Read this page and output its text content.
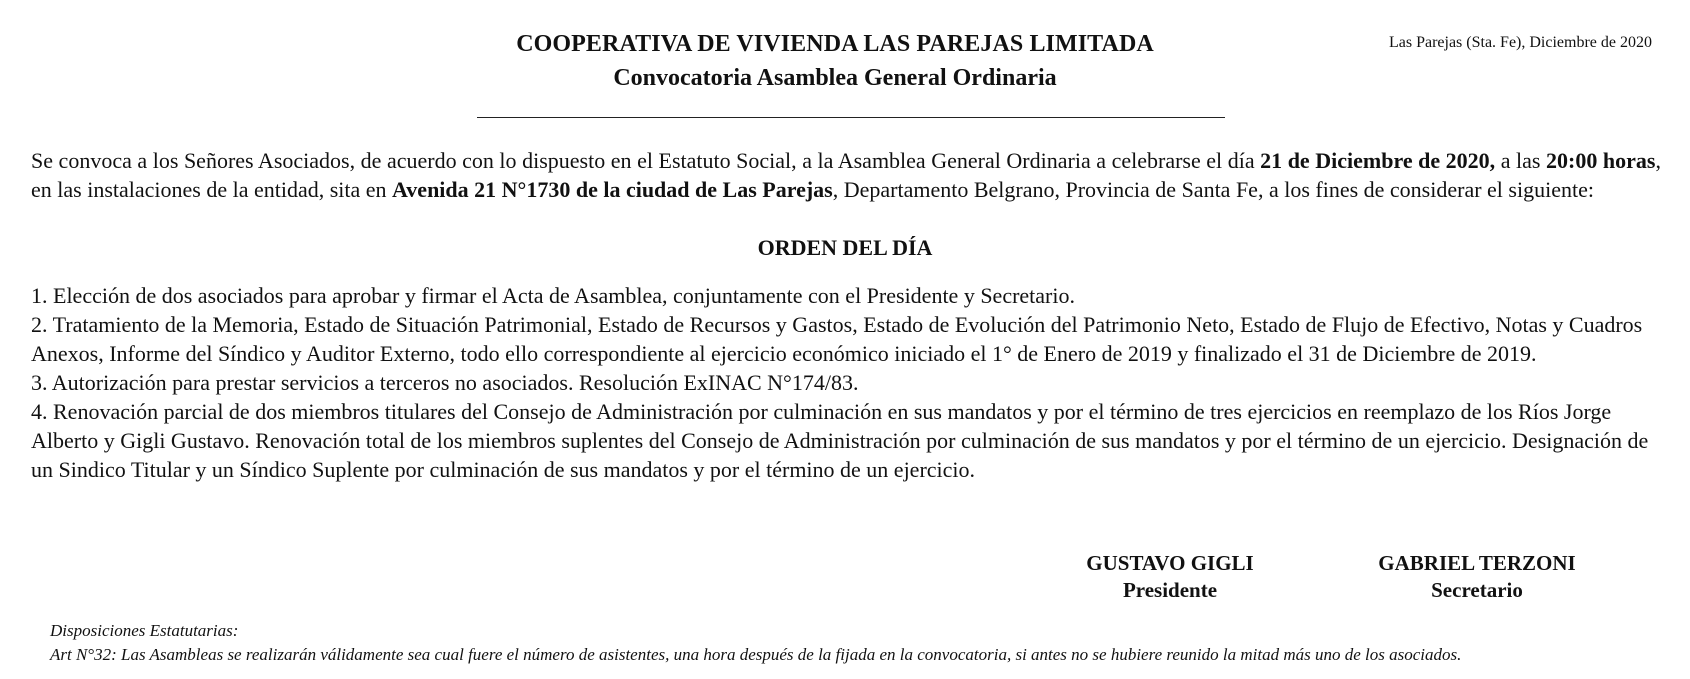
COOPERATIVA DE VIVIENDA LAS PAREJAS LIMITADA
Convocatoria Asamblea General Ordinaria
Las Parejas (Sta. Fe), Diciembre de 2020

Se convoca a los Señores Asociados, de acuerdo con lo dispuesto en el Estatuto Social, a la Asamblea General Ordinaria a celebrarse el día 21 de Diciembre de 2020, a las 20:00 horas, en las instalaciones de la entidad, sita en Avenida 21 N°1730 de la ciudad de Las Parejas, Departamento Belgrano, Provincia de Santa Fe, a los fines de considerar el siguiente:

ORDEN DEL DÍA
1. Elección de dos asociados para aprobar y firmar el Acta de Asamblea, conjuntamente con el Presidente y Secretario.
2. Tratamiento de la Memoria, Estado de Situación Patrimonial, Estado de Recursos y Gastos, Estado de Evolución del Patrimonio Neto, Estado de Flujo de Efectivo, Notas y Cuadros Anexos, Informe del Síndico y Auditor Externo, todo ello correspondiente al ejercicio económico iniciado el 1° de Enero de 2019 y finalizado el 31 de Diciembre de 2019.
3. Autorización para prestar servicios a terceros no asociados. Resolución ExINAC N°174/83.
4. Renovación parcial de dos miembros titulares del Consejo de Administración por culminación en sus mandatos y por el término de tres ejercicios en reemplazo de los Ríos Jorge Alberto y Gigli Gustavo. Renovación total de los miembros suplentes del Consejo de Administración por culminación de sus mandatos y por el término de un ejercicio. Designación de un Sindico Titular y un Síndico Suplente por culminación de sus mandatos y por el término de un ejercicio.
GUSTAVO GIGLI
Presidente
GABRIEL TERZONI
Secretario
Disposiciones Estatutarias:
Art N°32: Las Asambleas se realizarán válidamente sea cual fuere el número de asistentes, una hora después de la fijada en la convocatoria, si antes no se hubiere reunido la mitad más uno de los asociados.
